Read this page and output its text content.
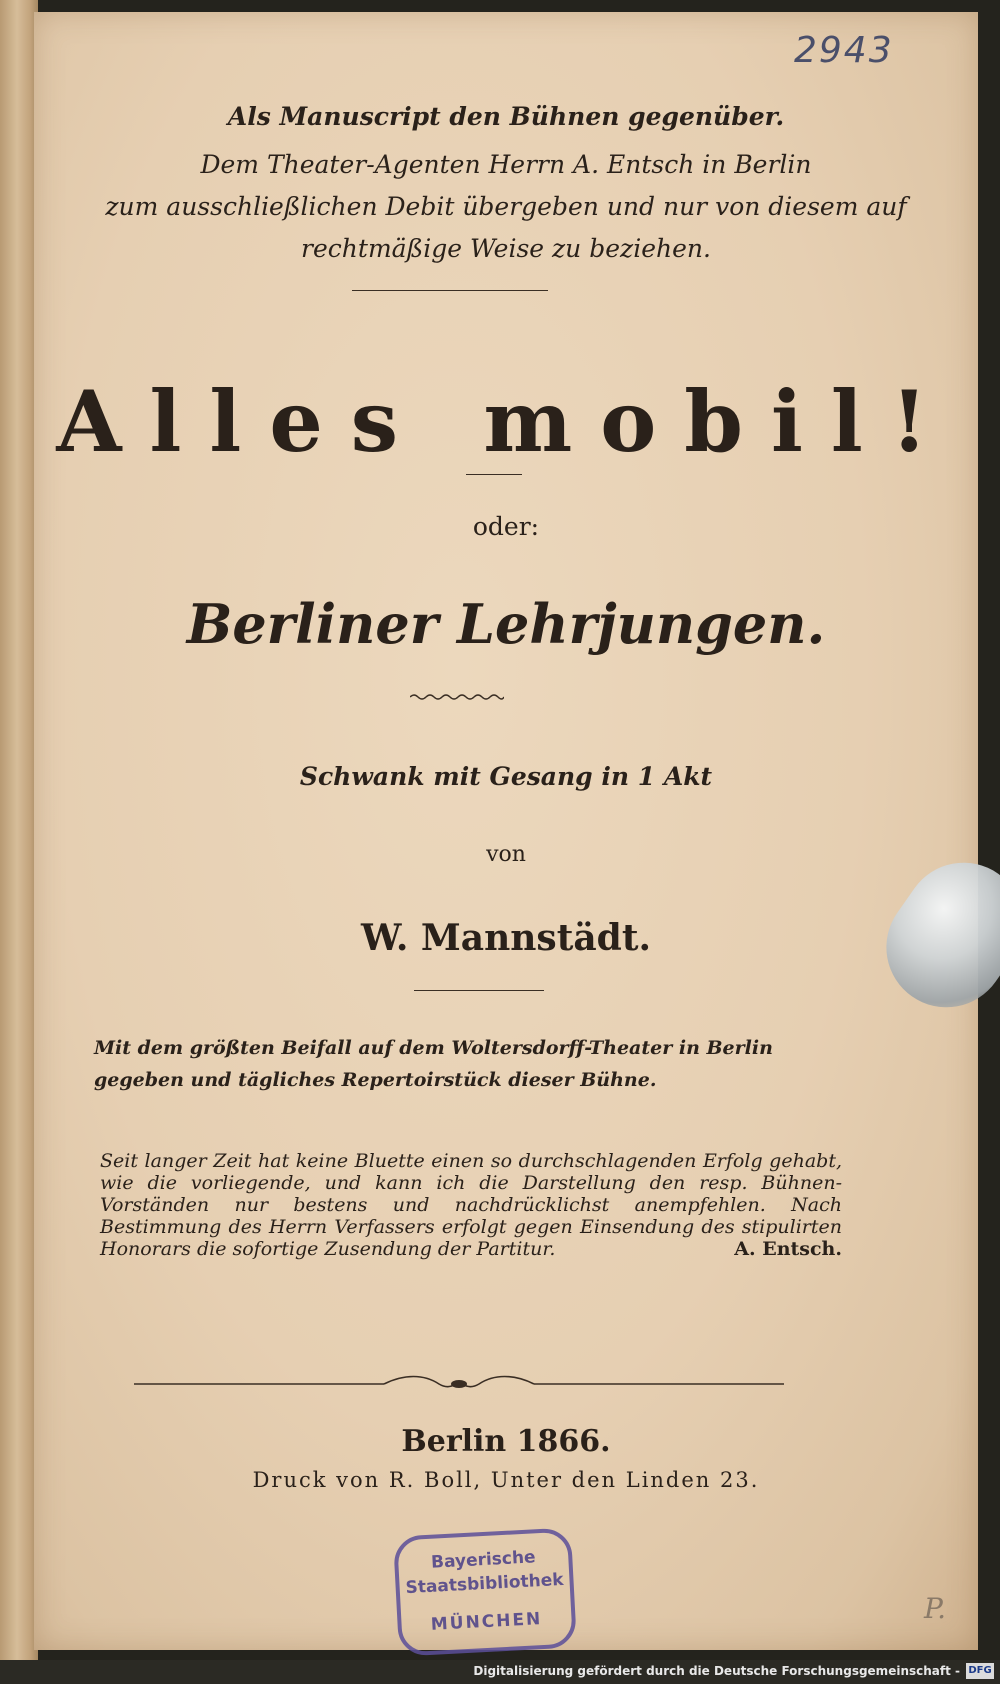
2943
Als Manuscript den Bühnen gegenüber.
Dem Theater-Agenten Herrn A. Entsch in Berlin
zum ausschließlichen Debit übergeben und nur von diesem auf
rechtmäßige Weise zu beziehen.
Alles mobil!
oder:
Berliner Lehrjungen.
Schwank mit Gesang in 1 Akt
von
W. Mannstädt.
Mit dem größten Beifall auf dem Woltersdorff-Theater in Berlin gegeben und tägliches Repertoirstück dieser Bühne.
Seit langer Zeit hat keine Bluette einen so durchschlagenden Erfolg gehabt, wie die vorliegende, und kann ich die Darstellung den resp. Bühnen-Vorständen nur bestens und nachdrücklichst anempfehlen. Nach Bestimmung des Herrn Verfassers erfolgt gegen Einsendung des stipulirten Honorars die sofortige Zusendung der Partitur.	A. Entsch.
Berlin 1866.
Druck von R. Boll, Unter den Linden 23.
Bayerische
Staatsbibliothek
MÜNCHEN	P.
Digitalisierung gefördert durch die Deutsche Forschungsgemeinschaft - DFG
